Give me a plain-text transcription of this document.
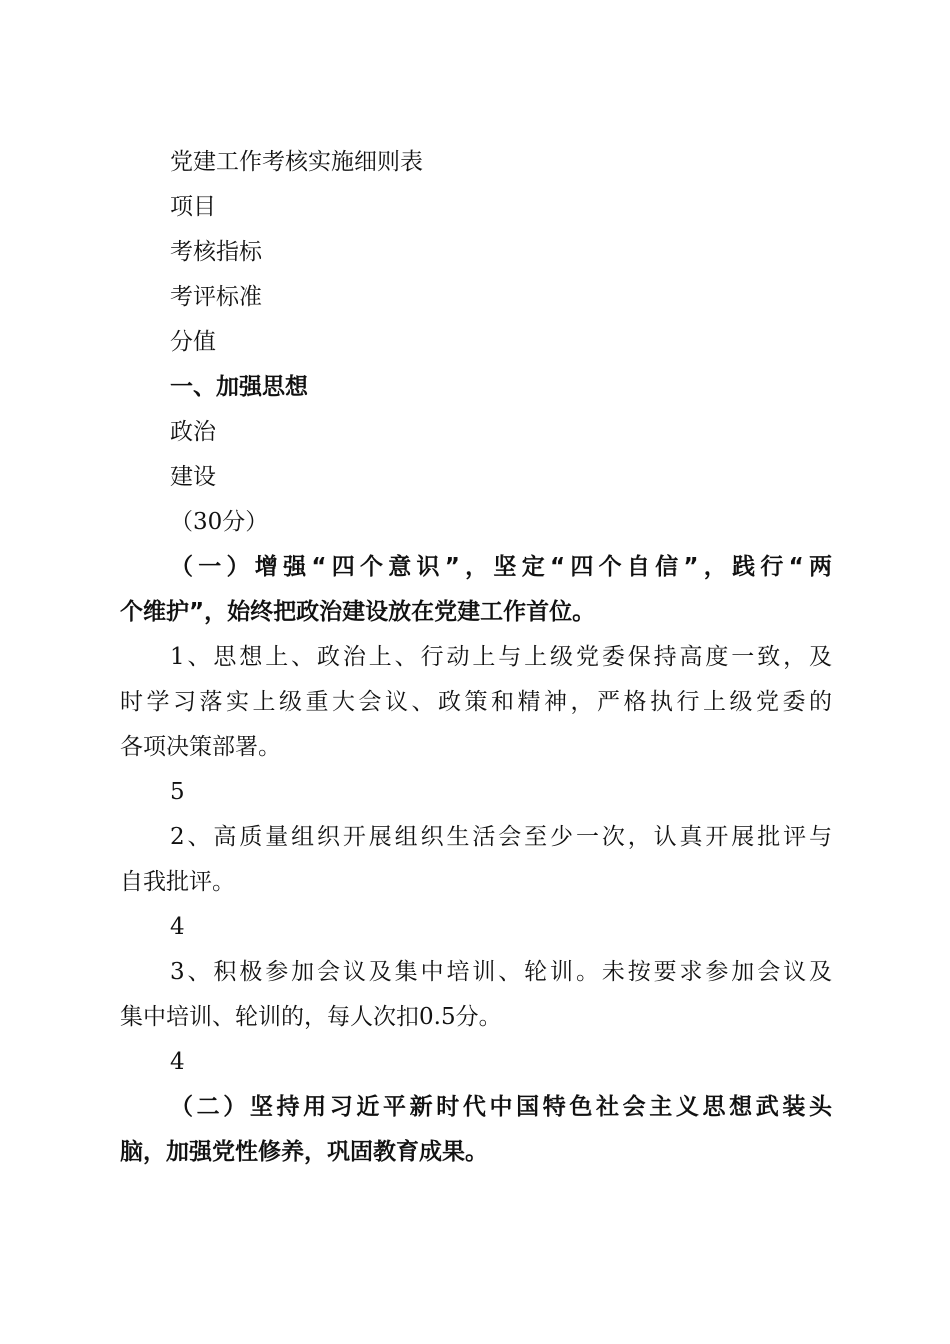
党建工作考核实施细则表

项目

考核指标

考评标准

分值

一、加强思想

政治

建设

（30分）

（一）增强“四个意识”，坚定“四个自信”，践行“两

个维护”，始终把政治建设放在党建工作首位。

1、思想上、政治上、行动上与上级党委保持高度一致，及

时学习落实上级重大会议、政策和精神，严格执行上级党委的

各项决策部署。

5

2、高质量组织开展组织生活会至少一次，认真开展批评与

自我批评。

4

3、积极参加会议及集中培训、轮训。未按要求参加会议及

集中培训、轮训的，每人次扣0.5分。

4

（二）坚持用习近平新时代中国特色社会主义思想武装头

脑，加强党性修养，巩固教育成果。
